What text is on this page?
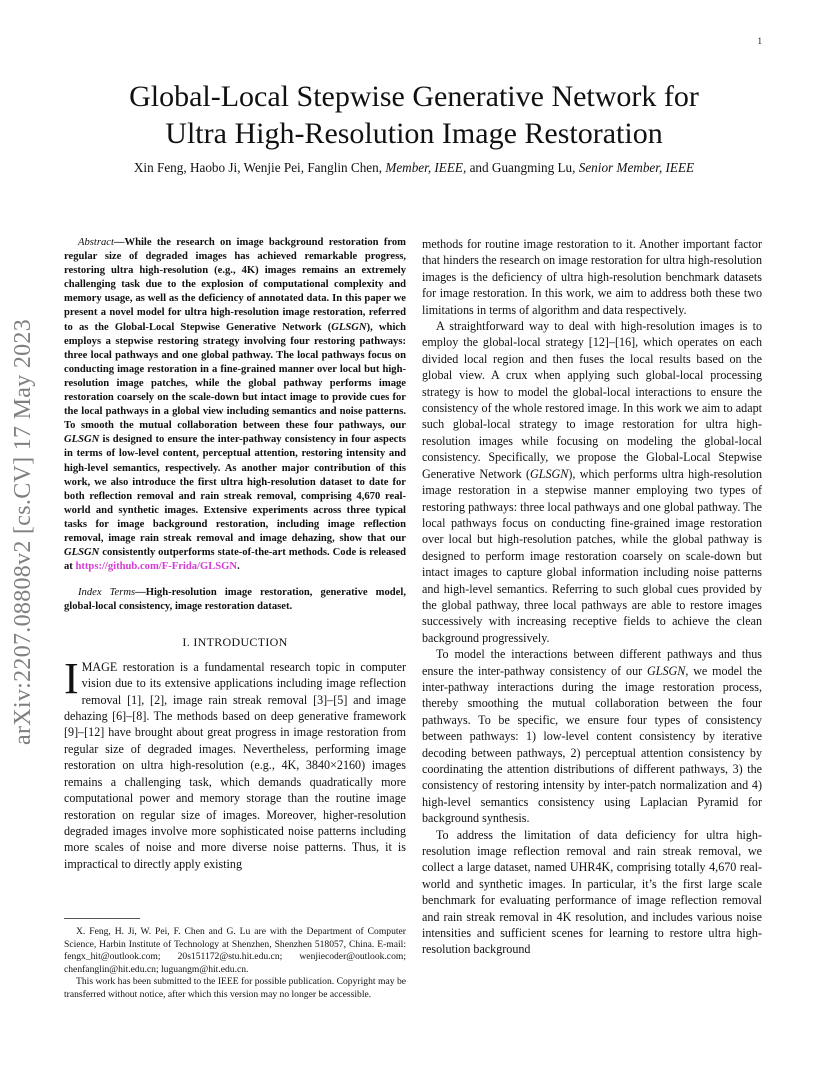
1
arXiv:2207.08808v2 [cs.CV] 17 May 2023
Global-Local Stepwise Generative Network for
Ultra High-Resolution Image Restoration
Xin Feng, Haobo Ji, Wenjie Pei, Fanglin Chen, Member, IEEE, and Guangming Lu, Senior Member, IEEE

Abstract—While the research on image background restoration from regular size of degraded images has achieved remarkable progress, restoring ultra high-resolution (e.g., 4K) images remains an extremely challenging task due to the explosion of computational complexity and memory usage, as well as the deficiency of annotated data. In this paper we present a novel model for ultra high-resolution image restoration, referred to as the Global-Local Stepwise Generative Network (GLSGN), which employs a stepwise restoring strategy involving four restoring pathways: three local pathways and one global pathway. The local pathways focus on conducting image restoration in a fine-grained manner over local but high-resolution image patches, while the global pathway performs image restoration coarsely on the scale-down but intact image to provide cues for the local pathways in a global view including semantics and noise patterns. To smooth the mutual collaboration between these four pathways, our GLSGN is designed to ensure the inter-pathway consistency in four aspects in terms of low-level content, perceptual attention, restoring intensity and high-level semantics, respectively. As another major contribution of this work, we also introduce the first ultra high-resolution dataset to date for both reflection removal and rain streak removal, comprising 4,670 real-world and synthetic images. Extensive experiments across three typical tasks for image background restoration, including image reflection removal, image rain streak removal and image dehazing, show that our GLSGN consistently outperforms state-of-the-art methods. Code is released at https://github.com/F-Frida/GLSGN.

Index Terms—High-resolution image restoration, generative model, global-local consistency, image restoration dataset.

I. INTRODUCTION

IMAGE restoration is a fundamental research topic in computer vision due to its extensive applications including image reflection removal [1], [2], image rain streak removal [3]–[5] and image dehazing [6]–[8]. The methods based on deep generative framework [9]–[12] have brought about great progress in image restoration from regular size of degraded images. Nevertheless, performing image restoration on ultra high-resolution (e.g., 4K, 3840×2160) images remains a challenging task, which demands quadratically more computational power and memory storage than the routine image restoration on regular size of images. Moreover, higher-resolution degraded images involve more sophisticated noise patterns including more scales of noise and more diverse noise patterns. Thus, it is impractical to directly apply existing

methods for routine image restoration to it. Another important factor that hinders the research on image restoration for ultra high-resolution images is the deficiency of ultra high-resolution benchmark datasets for image restoration. In this work, we aim to address both these two limitations in terms of algorithm and data respectively.

A straightforward way to deal with high-resolution images is to employ the global-local strategy [12]–[16], which operates on each divided local region and then fuses the local results based on the global view. A crux when applying such global-local processing strategy is how to model the global-local interactions to ensure the consistency of the whole restored image. In this work we aim to adapt such global-local strategy to image restoration for ultra high-resolution images while focusing on modeling the global-local consistency. Specifically, we propose the Global-Local Stepwise Generative Network (GLSGN), which performs ultra high-resolution image restoration in a stepwise manner employing two types of restoring pathways: three local pathways and one global pathway. The local pathways focus on conducting fine-grained image restoration over local but high-resolution patches, while the global pathway is designed to perform image restoration coarsely on scale-down but intact images to capture global information including noise patterns and high-level semantics. Referring to such global cues provided by the global pathway, three local pathways are able to restore images successively with increasing receptive fields to achieve the clean background progressively.

To model the interactions between different pathways and thus ensure the inter-pathway consistency of our GLSGN, we model the inter-pathway interactions during the image restoration process, thereby smoothing the mutual collaboration between the four pathways. To be specific, we ensure four types of consistency between pathways: 1) low-level content consistency by iterative decoding between pathways, 2) perceptual attention consistency by coordinating the attention distributions of different pathways, 3) the consistency of restoring intensity by inter-patch normalization and 4) high-level semantics consistency using Laplacian Pyramid for background synthesis.

To address the limitation of data deficiency for ultra high-resolution image reflection removal and rain streak removal, we collect a large dataset, named UHR4K, comprising totally 4,670 real-world and synthetic images. In particular, it’s the first large scale benchmark for evaluating performance of image reflection removal and rain streak removal in 4K resolution, and includes various noise intensities and sufficient scenes for learning to restore ultra high-resolution background

X. Feng, H. Ji, W. Pei, F. Chen and G. Lu are with the Department of Computer Science, Harbin Institute of Technology at Shenzhen, Shenzhen 518057, China. E-mail: fengx_hit@outlook.com; 20s151172@stu.hit.edu.cn; wenjiecoder@outlook.com; chenfanglin@hit.edu.cn; luguangm@hit.edu.cn.

This work has been submitted to the IEEE for possible publication. Copyright may be transferred without notice, after which this version may no longer be accessible.
